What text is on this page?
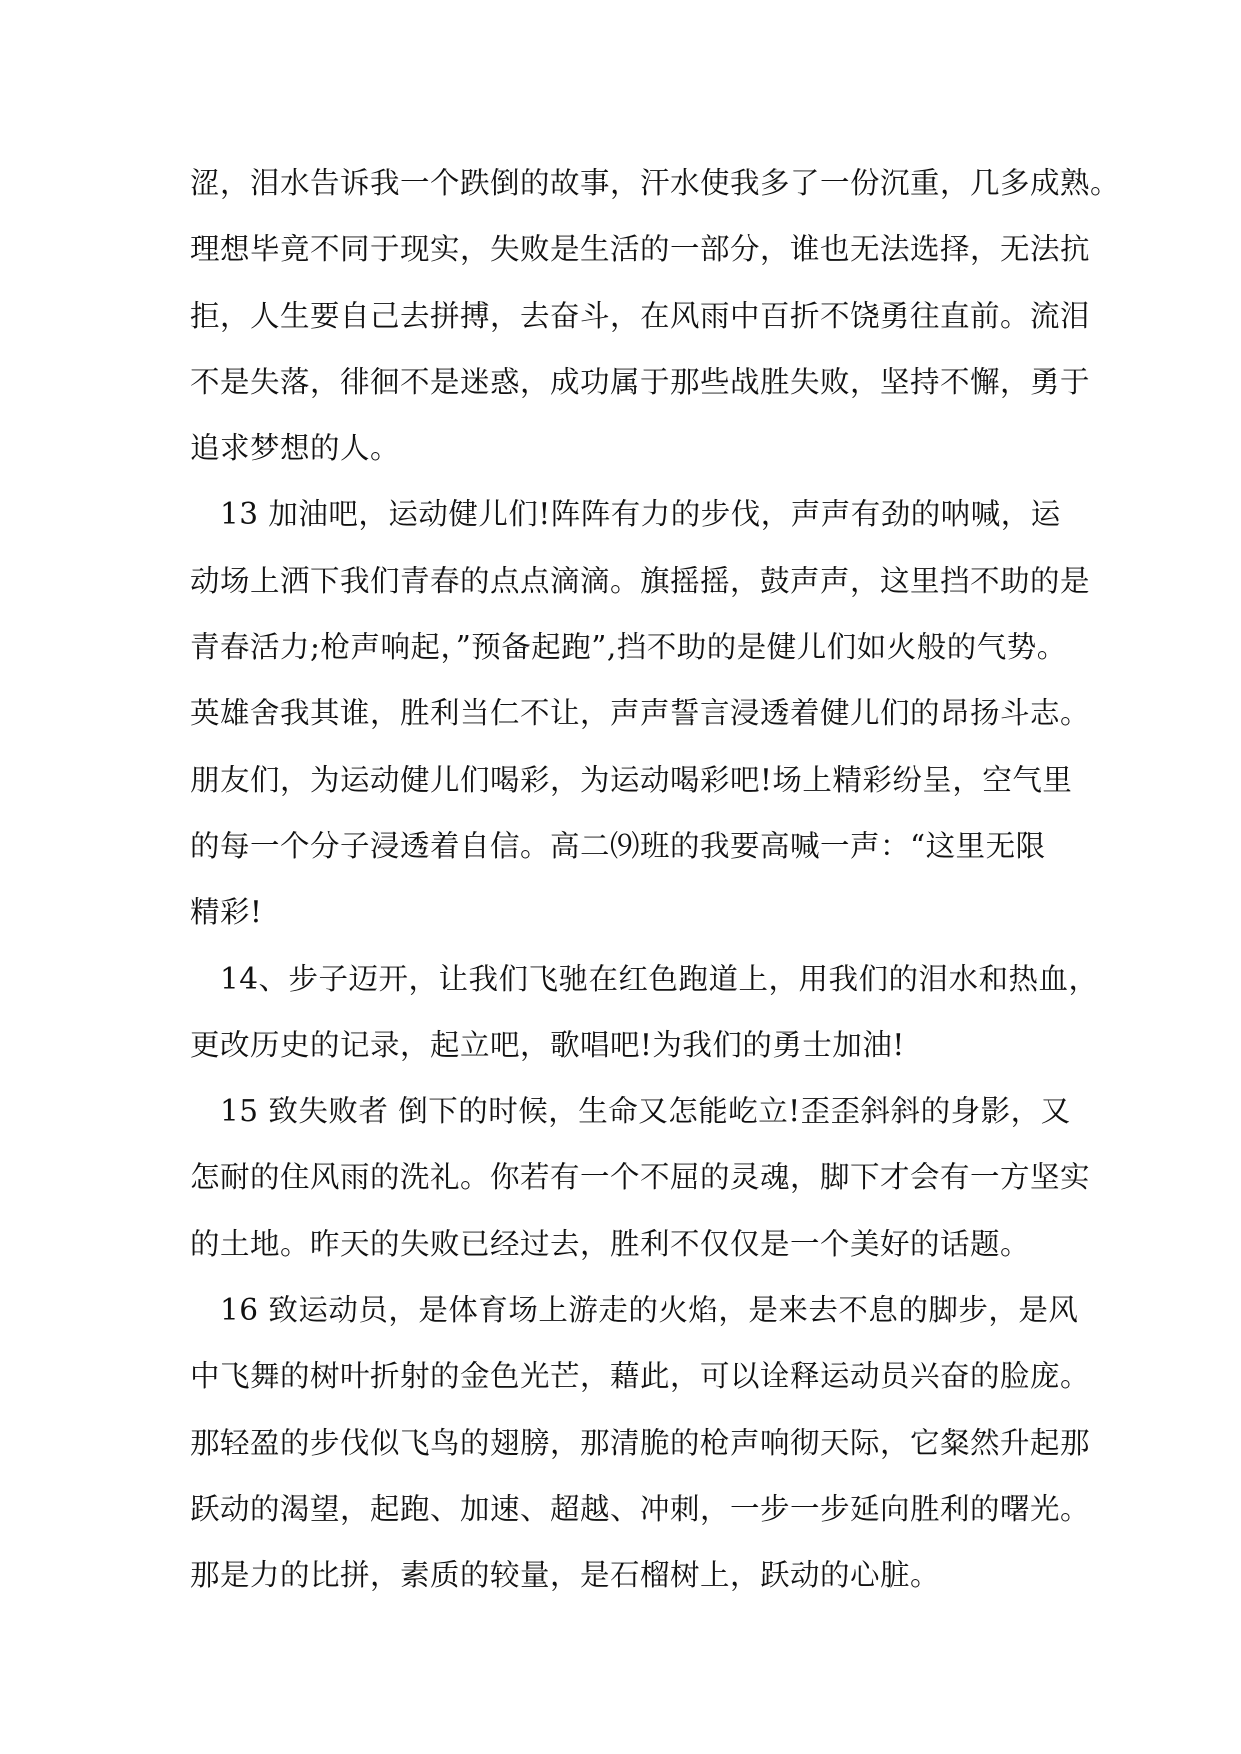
涩，泪水告诉我一个跌倒的故事，汗水使我多了一份沉重，几多成熟。
理想毕竟不同于现实，失败是生活的一部分，谁也无法选择，无法抗
拒，人生要自己去拼搏，去奋斗，在风雨中百折不饶勇往直前。流泪
不是失落，徘徊不是迷惑，成功属于那些战胜失败，坚持不懈，勇于
追求梦想的人。
　13 加油吧，运动健儿们!阵阵有力的步伐，声声有劲的呐喊，运
动场上洒下我们青春的点点滴滴。旗摇摇，鼓声声，这里挡不助的是
青春活力;枪声响起，”预备起跑”,挡不助的是健儿们如火般的气势。
英雄舍我其谁，胜利当仁不让，声声誓言浸透着健儿们的昂扬斗志。
朋友们，为运动健儿们喝彩，为运动喝彩吧!场上精彩纷呈，空气里
的每一个分子浸透着自信。高二⑼班的我要高喊一声：“这里无限
精彩!
　14、步子迈开，让我们飞驰在红色跑道上，用我们的泪水和热血，
更改历史的记录，起立吧，歌唱吧!为我们的勇士加油!
　15 致失败者 倒下的时候，生命又怎能屹立!歪歪斜斜的身影，又
怎耐的住风雨的洗礼。你若有一个不屈的灵魂，脚下才会有一方坚实
的土地。昨天的失败已经过去，胜利不仅仅是一个美好的话题。
　16 致运动员，是体育场上游走的火焰，是来去不息的脚步，是风
中飞舞的树叶折射的金色光芒，藉此，可以诠释运动员兴奋的脸庞。
那轻盈的步伐似飞鸟的翅膀，那清脆的枪声响彻天际，它粲然升起那
跃动的渴望，起跑、加速、超越、冲刺，一步一步延向胜利的曙光。
那是力的比拼，素质的较量，是石榴树上，跃动的心脏。
